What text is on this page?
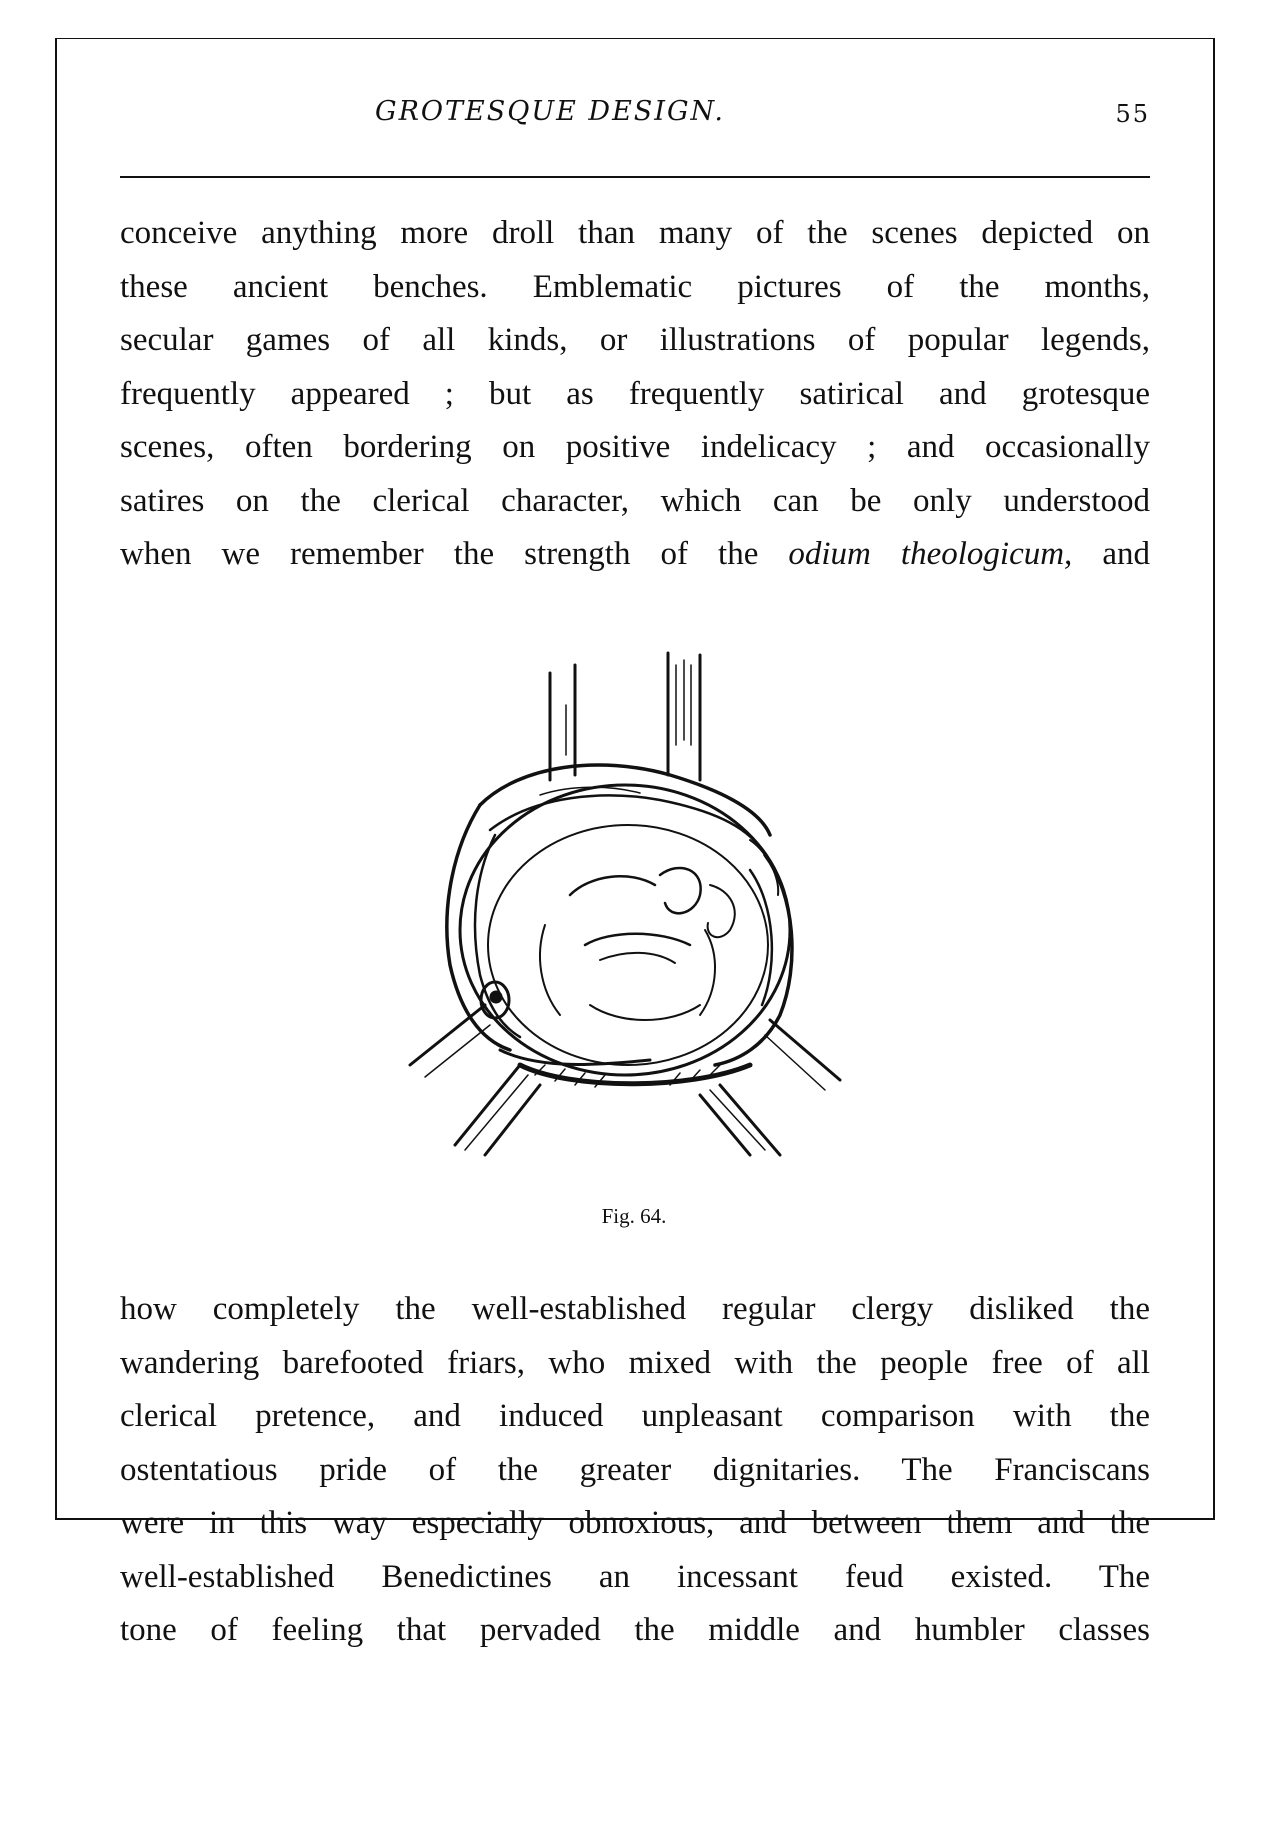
GROTESQUE DESIGN.	55
conceive anything more droll than many of the scenes depicted on
these ancient benches. Emblematic pictures of the months,
secular games of all kinds, or illustrations of popular legends,
frequently appeared ; but as frequently satirical and grotesque
scenes, often bordering on positive indelicacy ; and occasionally
satires on the clerical character, which can be only understood
when we remember the strength of the odium theologicum, and
Fig. 64.
how completely the well-established regular clergy disliked the
wandering barefooted friars, who mixed with the people free of all
clerical pretence, and induced unpleasant comparison with the
ostentatious pride of the greater dignitaries. The Franciscans
were in this way especially obnoxious, and between them and the
well-established Benedictines an incessant feud existed. The
tone of feeling that pervaded the middle and humbler classes
